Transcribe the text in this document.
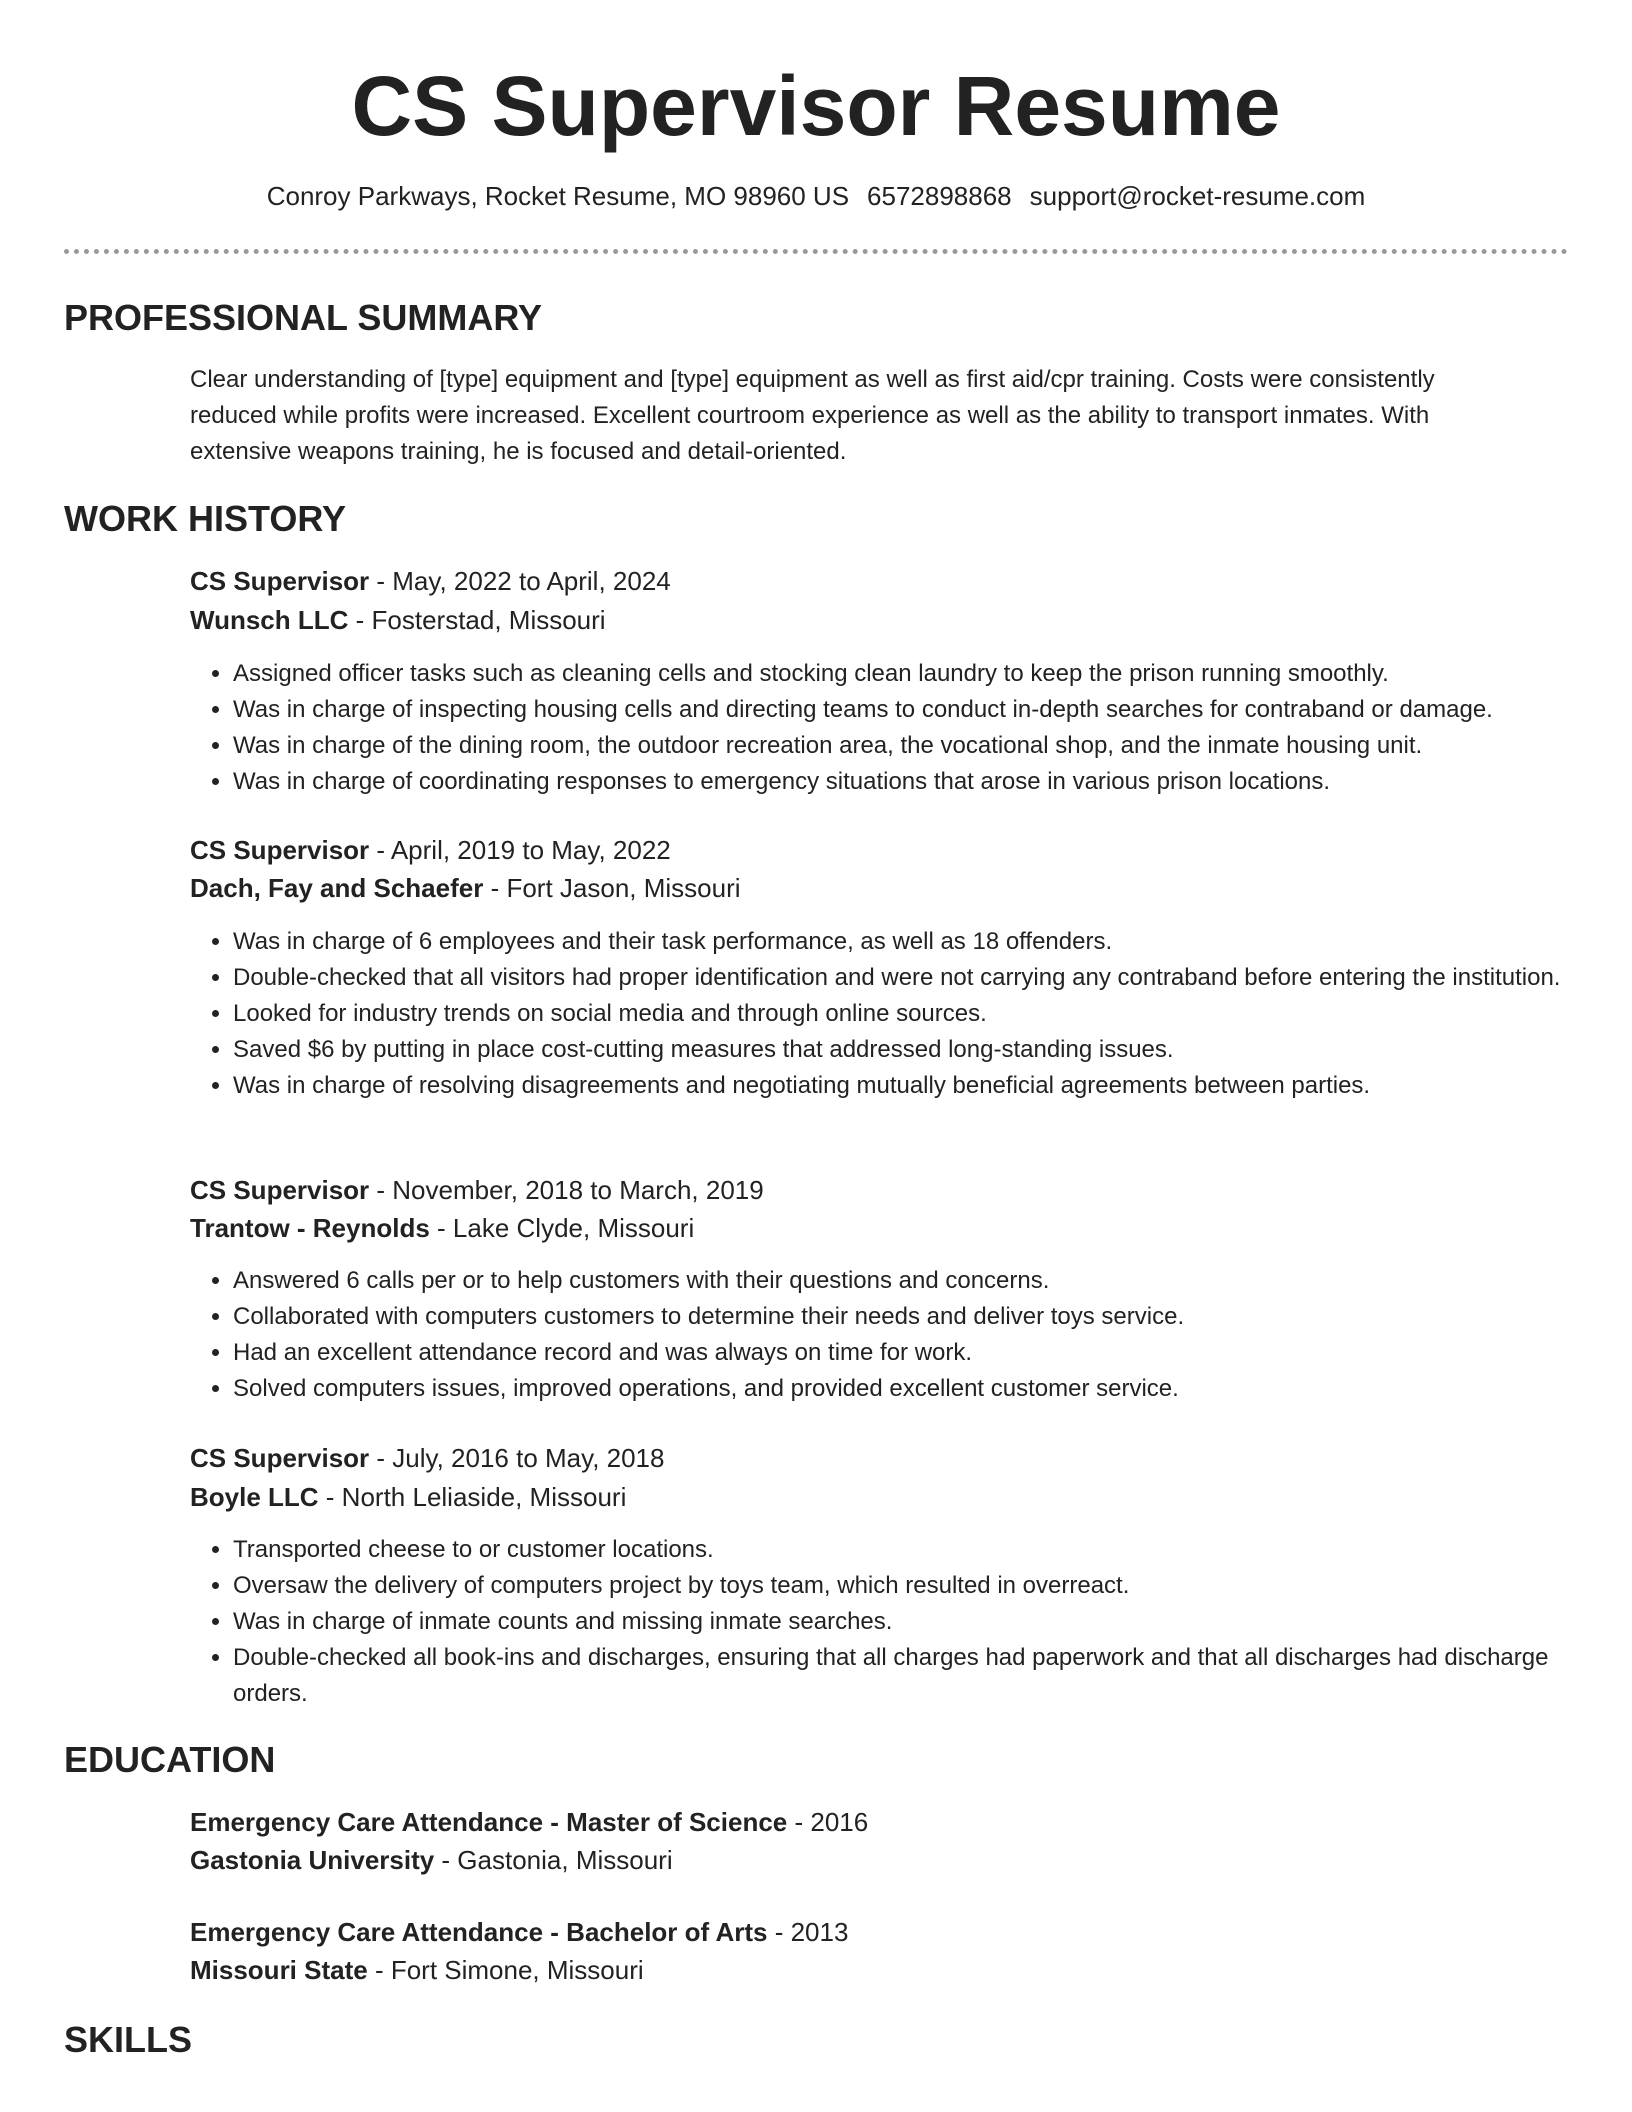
CS Supervisor Resume
Conroy Parkways, Rocket Resume, MO 98960 US 6572898868 support@rocket-resume.com
PROFESSIONAL SUMMARY

Clear understanding of [type] equipment and [type] equipment as well as first aid/cpr training. Costs were consistently reduced while profits were increased. Excellent courtroom experience as well as the ability to transport inmates. With extensive weapons training, he is focused and detail-oriented.

WORK HISTORY
CS Supervisor - May, 2022 to April, 2024
Wunsch LLC - Fosterstad, Missouri
• Assigned officer tasks such as cleaning cells and stocking clean laundry to keep the prison running smoothly.
• Was in charge of inspecting housing cells and directing teams to conduct in-depth searches for contraband or damage.
• Was in charge of the dining room, the outdoor recreation area, the vocational shop, and the inmate housing unit.
• Was in charge of coordinating responses to emergency situations that arose in various prison locations.
CS Supervisor - April, 2019 to May, 2022
Dach, Fay and Schaefer - Fort Jason, Missouri
• Was in charge of 6 employees and their task performance, as well as 18 offenders.
• Double-checked that all visitors had proper identification and were not carrying any contraband before entering the institution.
• Looked for industry trends on social media and through online sources.
• Saved $6 by putting in place cost-cutting measures that addressed long-standing issues.
• Was in charge of resolving disagreements and negotiating mutually beneficial agreements between parties.
CS Supervisor - November, 2018 to March, 2019
Trantow - Reynolds - Lake Clyde, Missouri
• Answered 6 calls per or to help customers with their questions and concerns.
• Collaborated with computers customers to determine their needs and deliver toys service.
• Had an excellent attendance record and was always on time for work.
• Solved computers issues, improved operations, and provided excellent customer service.
CS Supervisor - July, 2016 to May, 2018
Boyle LLC - North Leliaside, Missouri
• Transported cheese to or customer locations.
• Oversaw the delivery of computers project by toys team, which resulted in overreact.
• Was in charge of inmate counts and missing inmate searches.
• Double-checked all book-ins and discharges, ensuring that all charges had paperwork and that all discharges had discharge orders.
EDUCATION
Emergency Care Attendance - Master of Science - 2016
Gastonia University - Gastonia, Missouri
Emergency Care Attendance - Bachelor of Arts - 2013
Missouri State - Fort Simone, Missouri
SKILLS
